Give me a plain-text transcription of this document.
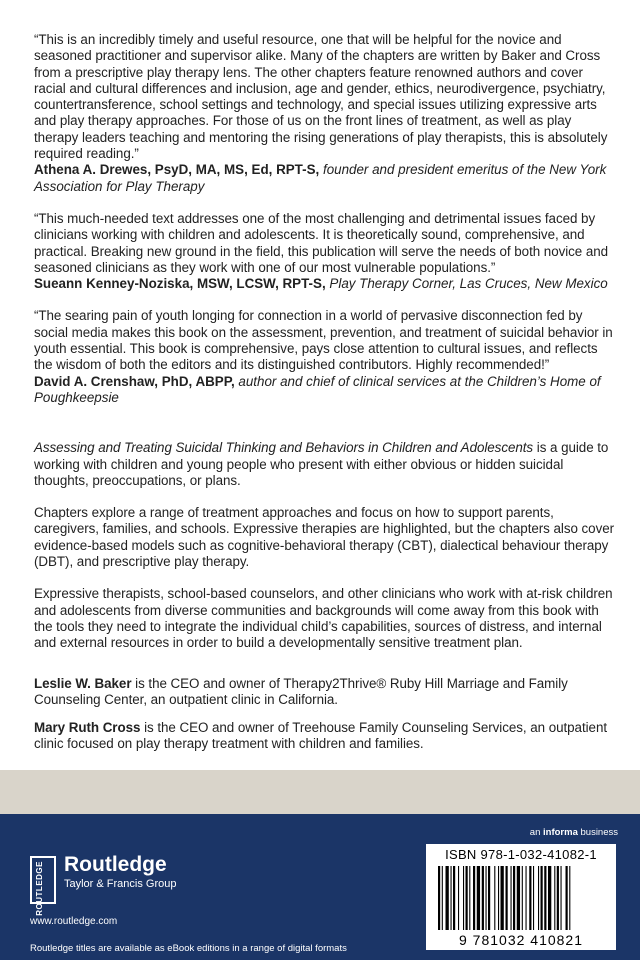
“This is an incredibly timely and useful resource, one that will be helpful for the novice and seasoned practitioner and supervisor alike. Many of the chapters are written by Baker and Cross from a prescriptive play therapy lens. The other chapters feature renowned authors and cover racial and cultural differences and inclusion, age and gender, ethics, neurodivergence, psychiatry, countertransference, school settings and technology, and special issues utilizing expressive arts and play therapy approaches. For those of us on the front lines of treatment, as well as play therapy leaders teaching and mentoring the rising generations of play therapists, this is absolutely required reading.”

Athena A. Drewes, PsyD, MA, MS, Ed, RPT-S, founder and president emeritus of the New York Association for Play Therapy

“This much-needed text addresses one of the most challenging and detrimental issues faced by clinicians working with children and adolescents. It is theoretically sound, comprehensive, and practical. Breaking new ground in the field, this publication will serve the needs of both novice and seasoned clinicians as they work with one of our most vulnerable populations.”

Sueann Kenney-Noziska, MSW, LCSW, RPT-S, Play Therapy Corner, Las Cruces, New Mexico

“The searing pain of youth longing for connection in a world of pervasive disconnection fed by social media makes this book on the assessment, prevention, and treatment of suicidal behavior in youth essential. This book is comprehensive, pays close attention to cultural issues, and reflects the wisdom of both the editors and its distinguished contributors. Highly recommended!”

David A. Crenshaw, PhD, ABPP, author and chief of clinical services at the Children’s Home of Poughkeepsie

Assessing and Treating Suicidal Thinking and Behaviors in Children and Adolescents is a guide to working with children and young people who present with either obvious or hidden suicidal thoughts, preoccupations, or plans.

Chapters explore a range of treatment approaches and focus on how to support parents, caregivers, families, and schools. Expressive therapies are highlighted, but the chapters also cover evidence-based models such as cognitive-behavioral therapy (CBT), dialectical behaviour therapy (DBT), and prescriptive play therapy.

Expressive therapists, school-based counselors, and other clinicians who work with at-risk children and adolescents from diverse communities and backgrounds will come away from this book with the tools they need to integrate the individual child’s capabilities, sources of distress, and internal and external resources in order to build a developmentally sensitive treatment plan.

Leslie W. Baker is the CEO and owner of Therapy2Thrive® Ruby Hill Marriage and Family Counseling Center, an outpatient clinic in California.

Mary Ruth Cross is the CEO and owner of Treehouse Family Counseling Services, an outpatient clinic focused on play therapy treatment with children and families.

an informa business
ROUTLEDGE Routledge
Taylor & Francis Group
www.routledge.com
Routledge titles are available as eBook editions in a range of digital formats
ISBN 978-1-032-41082-1
9 781032 410821
